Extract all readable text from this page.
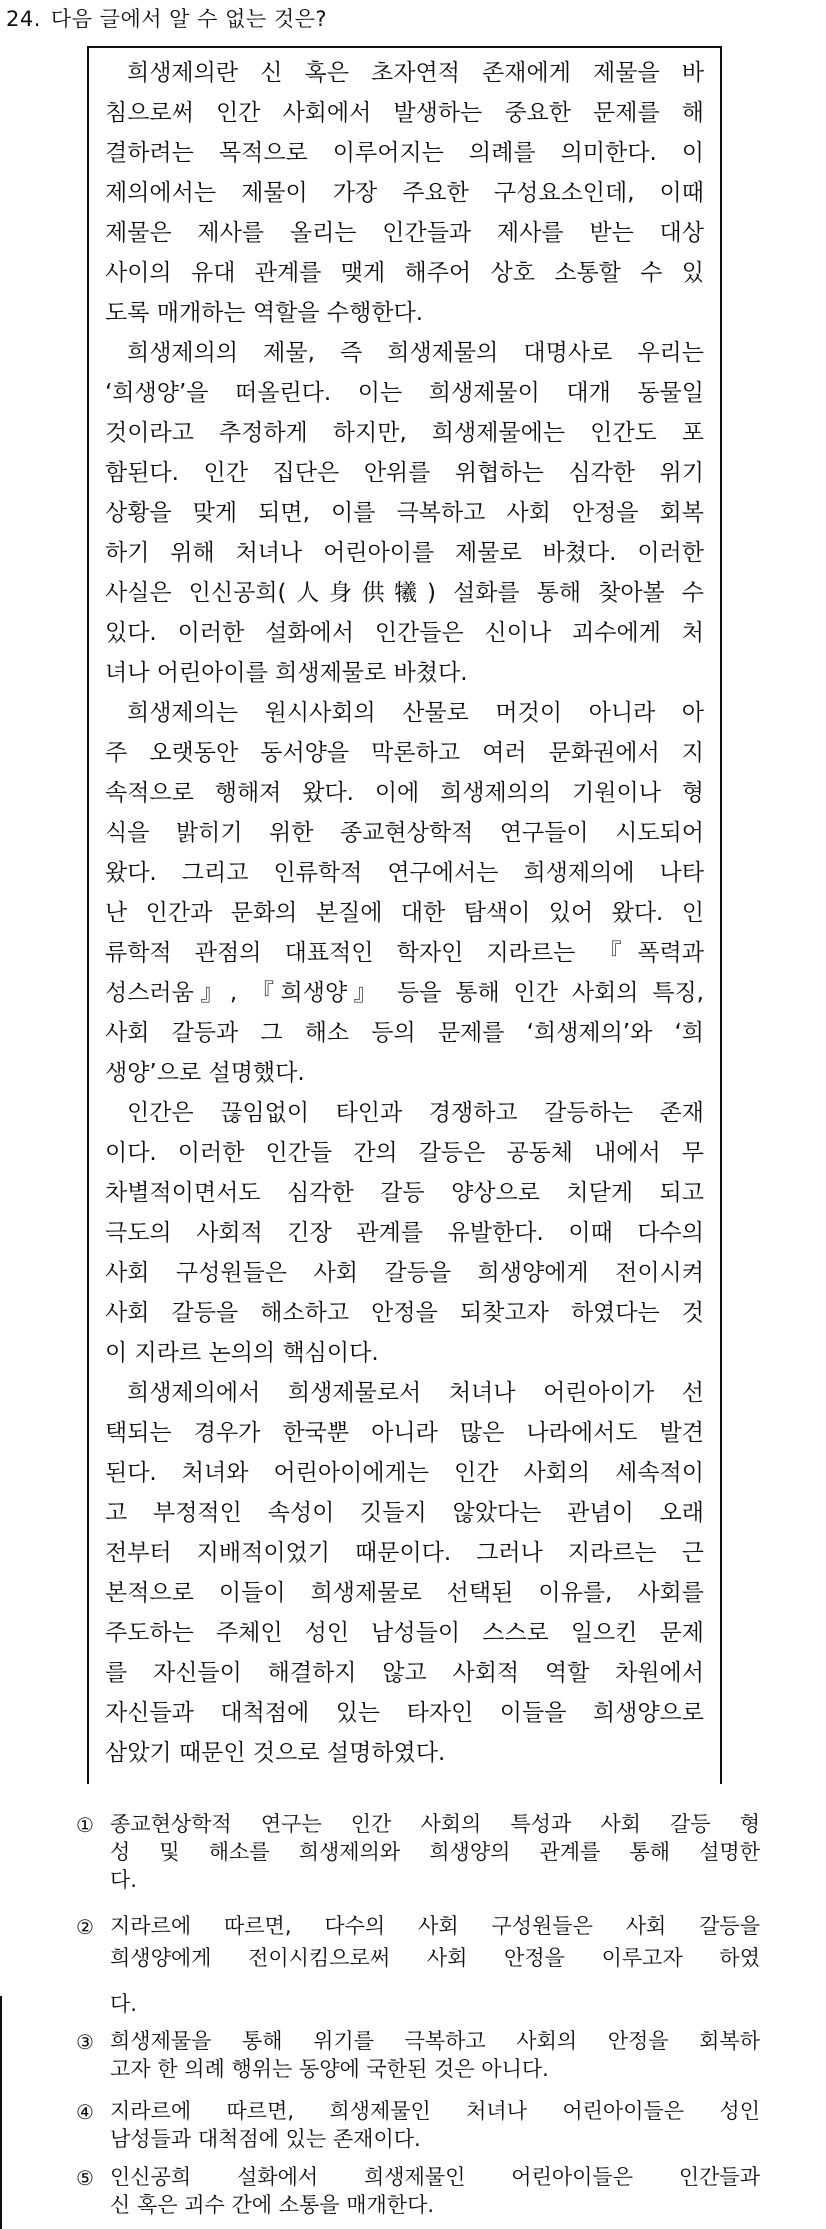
24. 다음 글에서 알 수 없는 것은?
희생제의란 신 혹은 초자연적 존재에게 제물을 바
침으로써 인간 사회에서 발생하는 중요한 문제를 해
결하려는 목적으로 이루어지는 의례를 의미한다. 이
제의에서는 제물이 가장 주요한 구성요소인데, 이때
제물은 제사를 올리는 인간들과 제사를 받는 대상
사이의 유대 관계를 맺게 해주어 상호 소통할 수 있
도록 매개하는 역할을 수행한다.
희생제의의 제물, 즉 희생제물의 대명사로 우리는
‘희생양’을 떠올린다. 이는 희생제물이 대개 동물일
것이라고 추정하게 하지만, 희생제물에는 인간도 포
함된다. 인간 집단은 안위를 위협하는 심각한 위기
상황을 맞게 되면, 이를 극복하고 사회 안정을 회복
하기 위해 처녀나 어린아이를 제물로 바쳤다. 이러한
사실은 인신공희(人身供犧) 설화를 통해 찾아볼 수
있다. 이러한 설화에서 인간들은 신이나 괴수에게 처
녀나 어린아이를 희생제물로 바쳤다.
희생제의는 원시사회의 산물로 머것이 아니라 아
주 오랫동안 동서양을 막론하고 여러 문화권에서 지
속적으로 행해져 왔다. 이에 희생제의의 기원이나 형
식을 밝히기 위한 종교현상학적 연구들이 시도되어
왔다. 그리고 인류학적 연구에서는 희생제의에 나타
난 인간과 문화의 본질에 대한 탐색이 있어 왔다. 인
류학적 관점의 대표적인 학자인 지라르는 『폭력과
성스러움』, 『희생양』 등을 통해 인간 사회의 특징,
사회 갈등과 그 해소 등의 문제를 ‘희생제의’와 ‘희
생양’으로 설명했다.
인간은 끊임없이 타인과 경쟁하고 갈등하는 존재
이다. 이러한 인간들 간의 갈등은 공동체 내에서 무
차별적이면서도 심각한 갈등 양상으로 치닫게 되고
극도의 사회적 긴장 관계를 유발한다. 이때 다수의
사회 구성원들은 사회 갈등을 희생양에게 전이시켜
사회 갈등을 해소하고 안정을 되찾고자 하였다는 것
이 지라르 논의의 핵심이다.
희생제의에서 희생제물로서 처녀나 어린아이가 선
택되는 경우가 한국뿐 아니라 많은 나라에서도 발견
된다. 처녀와 어린아이에게는 인간 사회의 세속적이
고 부정적인 속성이 깃들지 않았다는 관념이 오래
전부터 지배적이었기 때문이다. 그러나 지라르는 근
본적으로 이들이 희생제물로 선택된 이유를, 사회를
주도하는 주체인 성인 남성들이 스스로 일으킨 문제
를 자신들이 해결하지 않고 사회적 역할 차원에서
자신들과 대척점에 있는 타자인 이들을 희생양으로
삼았기 때문인 것으로 설명하였다.
① 종교현상학적 연구는 인간 사회의 특성과 사회 갈등 형
성 및 해소를 희생제의와 희생양의 관계를 통해 설명한
다.
② 지라르에 따르면, 다수의 사회 구성원들은 사회 갈등을
희생양에게 전이시킴으로써 사회 안정을 이루고자 하였
다.
③ 희생제물을 통해 위기를 극복하고 사회의 안정을 회복하
고자 한 의례 행위는 동양에 국한된 것은 아니다.
④ 지라르에 따르면, 희생제물인 처녀나 어린아이들은 성인
남성들과 대척점에 있는 존재이다.
⑤ 인신공희 설화에서 희생제물인 어린아이들은 인간들과
신 혹은 괴수 간에 소통을 매개한다.
